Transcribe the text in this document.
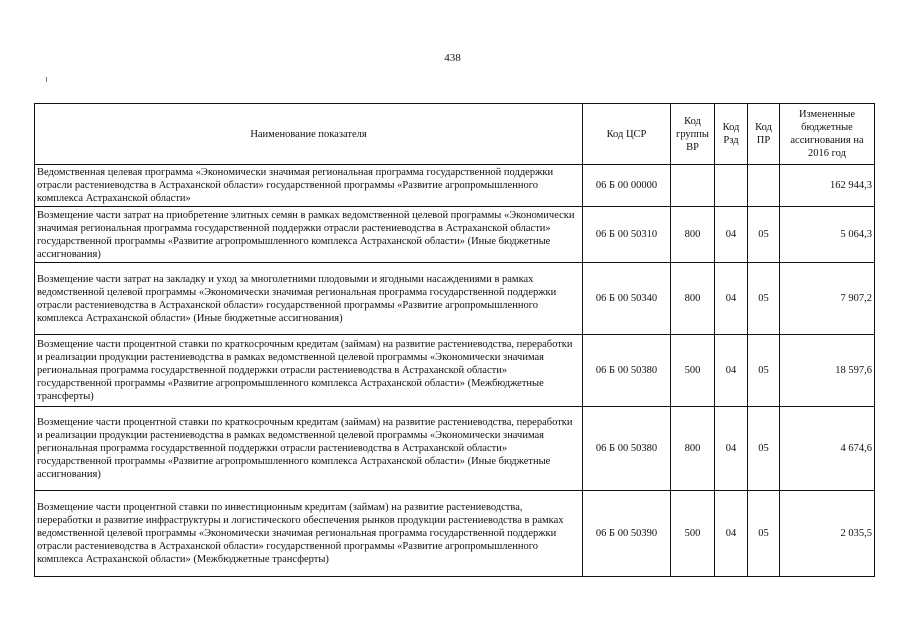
438
Наименование показателя	Код ЦСР	Код группы ВР	Код Рзд	Код ПР	Измененные бюджетные ассигнования на 2016 год
Ведомственная целевая программа «Экономически значимая региональная программа государственной поддержки отрасли растениеводства в Астраханской области» государственной программы «Развитие агропромышленного комплекса Астраханской области»	06 Б 00 00000				162 944,3
Возмещение части затрат на приобретение элитных семян в рамках ведомственной целевой программы «Экономически значимая региональная программа государственной поддержки отрасли растениеводства в Астраханской области» государственной программы «Развитие агропромышленного комплекса Астраханской области» (Иные бюджетные ассигнования)	06 Б 00 50310	800	04	05	5 064,3
Возмещение части затрат на закладку и уход за многолетними плодовыми и ягодными насаждениями в рамках ведомственной целевой программы «Экономически значимая региональная программа государственной поддержки отрасли растениеводства в Астраханской области» государственной программы «Развитие агропромышленного комплекса Астраханской области» (Иные бюджетные ассигнования)	06 Б 00 50340	800	04	05	7 907,2
Возмещение части процентной ставки по краткосрочным кредитам (займам) на развитие растениеводства, переработки и реализации продукции растениеводства в рамках ведомственной целевой программы «Экономически значимая региональная программа государственной поддержки отрасли растениеводства в Астраханской области» государственной программы «Развитие агропромышленного комплекса Астраханской области» (Межбюджетные трансферты)	06 Б 00 50380	500	04	05	18 597,6
Возмещение части процентной ставки по краткосрочным кредитам (займам) на развитие растениеводства, переработки и реализации продукции растениеводства в рамках ведомственной целевой программы «Экономически значимая региональная программа государственной поддержки отрасли растениеводства в Астраханской области» государственной программы «Развитие агропромышленного комплекса Астраханской области» (Иные бюджетные ассигнования)	06 Б 00 50380	800	04	05	4 674,6
Возмещение части процентной ставки по инвестиционным кредитам (займам) на развитие растениеводства, переработки и развитие инфраструктуры и логистического обеспечения рынков продукции растениеводства в рамках ведомственной целевой программы «Экономически значимая региональная программа государственной поддержки отрасли растениеводства в Астраханской области» государственной программы «Развитие агропромышленного комплекса Астраханской области» (Межбюджетные трансферты)	06 Б 00 50390	500	04	05	2 035,5
